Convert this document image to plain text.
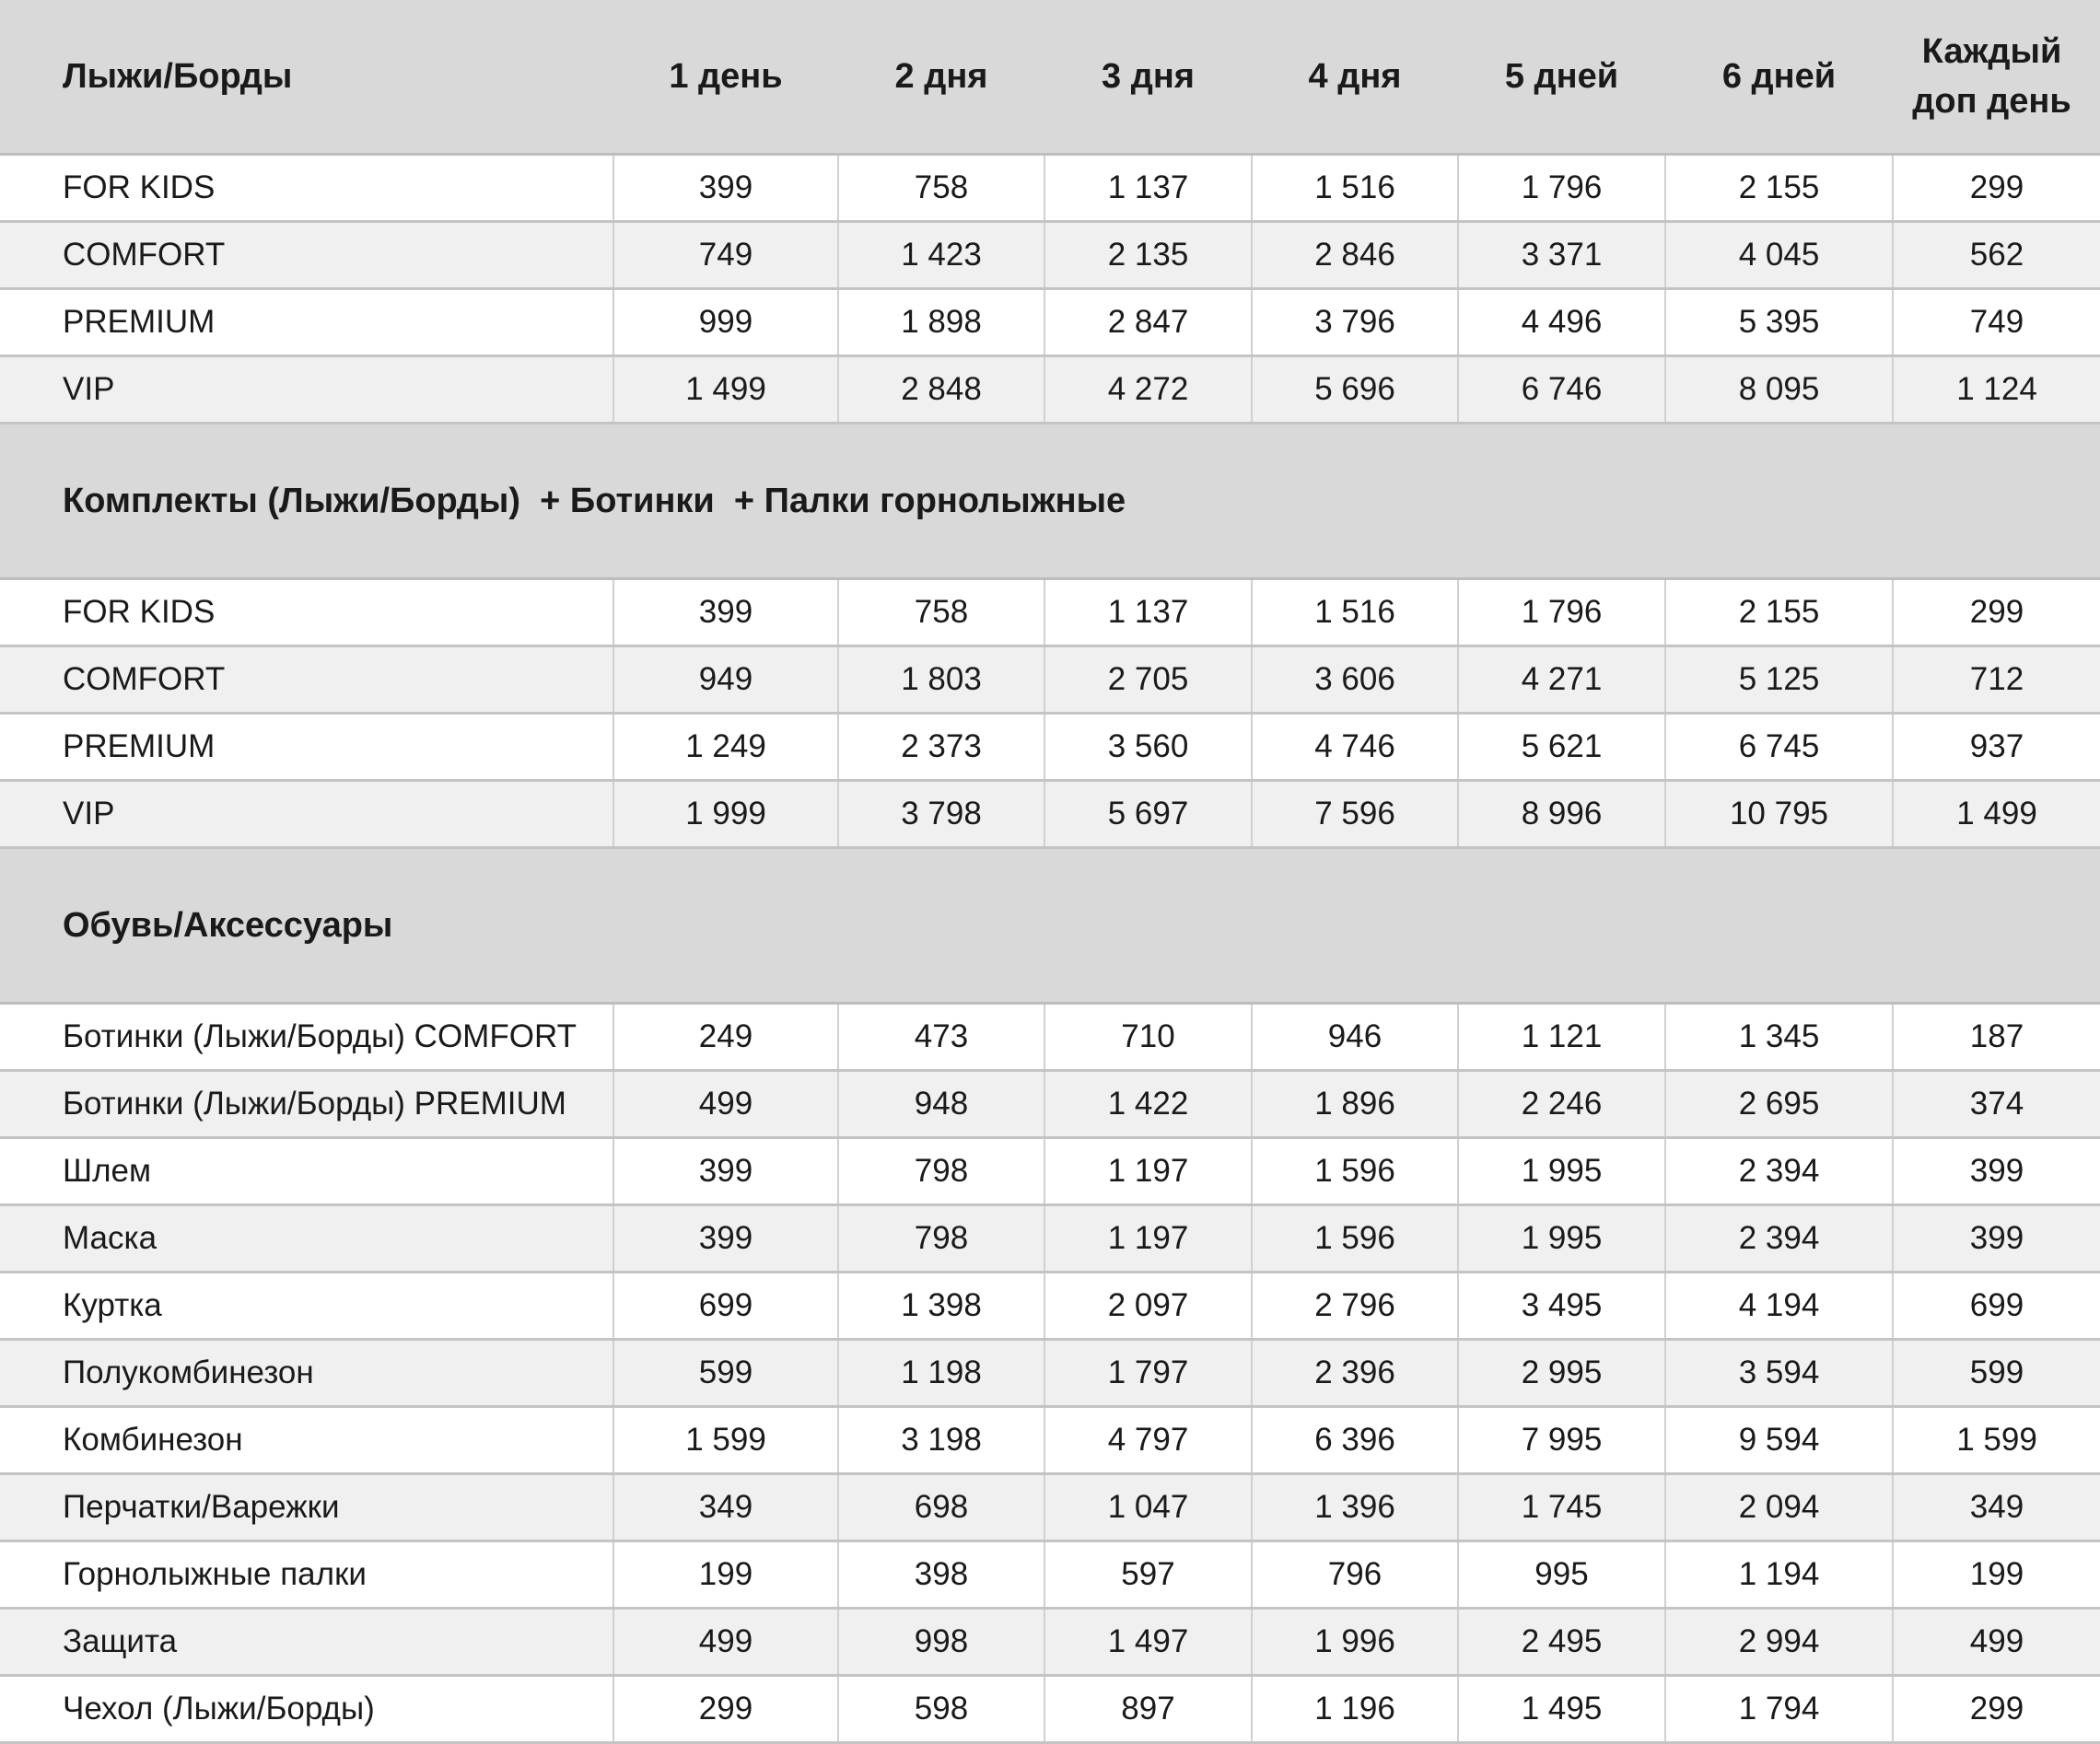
Лыжи/Борды	1 день	2 дня	3 дня	4 дня	5 дней	6 дней	Каждый
доп день
FOR KIDS	399	758	1 137	1 516	1 796	2 155	299
COMFORT	749	1 423	2 135	2 846	3 371	4 045	562
PREMIUM	999	1 898	2 847	3 796	4 496	5 395	749
VIP	1 499	2 848	4 272	5 696	6 746	8 095	1 124
Комплекты (Лыжи/Борды)  + Ботинки  + Палки горнолыжные							
FOR KIDS	399	758	1 137	1 516	1 796	2 155	299
COMFORT	949	1 803	2 705	3 606	4 271	5 125	712
PREMIUM	1 249	2 373	3 560	4 746	5 621	6 745	937
VIP	1 999	3 798	5 697	7 596	8 996	10 795	1 499
Обувь/Аксессуары							
Ботинки (Лыжи/Борды) COMFORT	249	473	710	946	1 121	1 345	187
Ботинки (Лыжи/Борды) PREMIUM	499	948	1 422	1 896	2 246	2 695	374
Шлем	399	798	1 197	1 596	1 995	2 394	399
Маска	399	798	1 197	1 596	1 995	2 394	399
Куртка	699	1 398	2 097	2 796	3 495	4 194	699
Полукомбинезон	599	1 198	1 797	2 396	2 995	3 594	599
Комбинезон	1 599	3 198	4 797	6 396	7 995	9 594	1 599
Перчатки/Варежки	349	698	1 047	1 396	1 745	2 094	349
Горнолыжные палки	199	398	597	796	995	1 194	199
Защита	499	998	1 497	1 996	2 495	2 994	499
Чехол (Лыжи/Борды)	299	598	897	1 196	1 495	1 794	299
